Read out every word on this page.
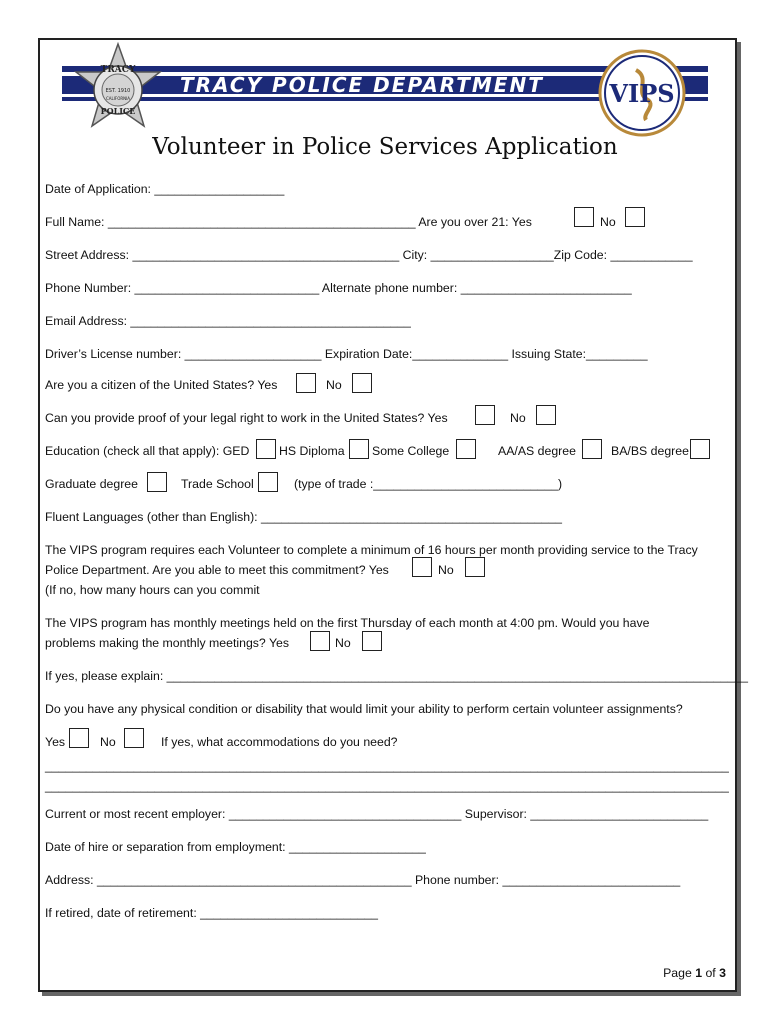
TRACY POLICE DEPARTMENT
TRACY
EST. 1910
CALIFORNIA
POLICE
VIPS
Volunteer in Police Services Application
Date of Application: ___________________
Full Name: _____________________________________________ Are you over 21: Yes	No
Street Address: _______________________________________ City: __________________Zip Code: ____________
Phone Number: ___________________________ Alternate phone number: _________________________
Email Address: _________________________________________
Driver’s License number: ____________________ Expiration Date:______________ Issuing State:_________
Are you a citizen of the United States? Yes	No
Can you provide proof of your legal right to work in the United States? Yes	No
Education (check all that apply): GED HS Diploma Some College	AA/AS degree	BA/BS degree
Graduate degree	Trade School	(type of trade :___________________________)
Fluent Languages (other than English): ____________________________________________
The VIPS program requires each Volunteer to complete a minimum of 16 hours per month providing service to the Tracy
Police Department. Are you able to meet this commitment? Yes	No
(If no, how many hours can you commit
The VIPS program has monthly meetings held on the first Thursday of each month at 4:00 pm. Would you have
problems making the monthly meetings? Yes	No
If yes, please explain: _____________________________________________________________________________________
Do you have any physical condition or disability that would limit your ability to perform certain volunteer assignments?
Yes	No	If yes, what accommodations do you need?
____________________________________________________________________________________________________
____________________________________________________________________________________________________
Current or most recent employer: __________________________________ Supervisor: __________________________
Date of hire or separation from employment: ____________________
Address: ______________________________________________ Phone number: __________________________
If retired, date of retirement: __________________________
Page 1 of 3
